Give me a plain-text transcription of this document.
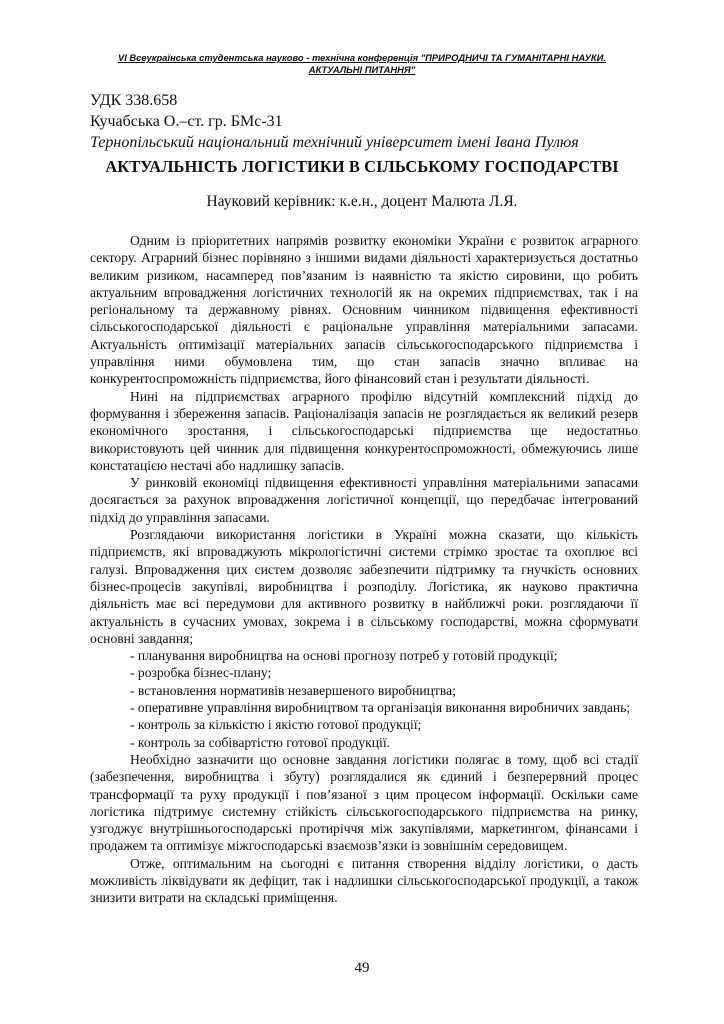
VI Всеукраїнська студентська науково - технічна конференція "ПРИРОДНИЧІ ТА ГУМАНІТАРНІ НАУКИ.
АКТУАЛЬНІ ПИТАННЯ"
УДК 338.658
Кучабська О.–ст. гр. БМс-31
Тернопільський національний технічний університет імені Івана Пулюя
АКТУАЛЬНІСТЬ ЛОГІСТИКИ В СІЛЬСЬКОМУ ГОСПОДАРСТВІ
Науковий керівник: к.е.н., доцент Малюта Л.Я.

Одним із пріоритетних напрямів розвитку економіки України є розвиток аграрного сектору. Аграрний бізнес порівняно з іншими видами діяльності характеризується достатньо великим ризиком, насамперед пов’язаним із наявністю та якістю сировини, що робить актуальним впровадження логістичних технологій як на окремих підприємствах, так і на регіональному та державному рівнях. Основним чинником підвищення ефективності сільськогосподарської діяльності є раціональне управління матеріальними запасами. Актуальність оптимізації матеріальних запасів сільськогосподарського підприємства і управління ними обумовлена тим, що стан запасів значно впливає на конкурентоспроможність підприємства, його фінансовий стан і результати діяльності.

Нині на підприємствах аграрного профілю відсутній комплексний підхід до формування і збереження запасів. Раціоналізація запасів не розглядається як великий резерв економічного зростання, і сільськогосподарські підприємства ще недостатньо використовують цей чинник для підвищення конкурентоспроможності, обмежуючись лише констатацією нестачі або надлишку запасів.

У ринковій економіці підвищення ефективності управління матеріальними запасами досягається за рахунок впровадження логістичної концепції, що передбачає інтегрований підхід до управління запасами.

Розглядаючи використання логістики в Україні можна сказати, що кількість підприємств, які впроваджують мікрологістичні системи стрімко зростає та охоплює всі галузі. Впровадження цих систем дозволяє забезпечити підтримку та гнучкість основних бізнес-процесів закупівлі, виробництва і розподілу. Логістика, як науково практична діяльність має всі передумови для активного розвитку в найближчі роки. розглядаючи її актуальність в сучасних умовах, зокрема і в сільському господарстві, можна сформувати основні завдання;

- планування виробництва на основі прогнозу потреб у готовій продукції;

- розробка бізнес-плану;

- встановлення нормативів незавершеного виробництва;

- оперативне управління виробництвом та організація виконання виробничих завдань;

- контроль за кількістю і якістю готової продукції;

- контроль за собівартістю готової продукції.

Необхідно зазначити що основне завдання логістики полягає в тому, щоб всі стадії (забезпечення, виробництва і збуту) розглядалися як єдиний і безперервний процес трансформації та руху продукції і пов’язаної з цим процесом інформації. Оскільки саме логістика підтримує системну стійкість сільськогосподарського підприємства на ринку, узгоджує внутрішньогосподарські протиріччя між закупівлями, маркетингом, фінансами і продажем та оптимізує міжгосподарські взаємозв’язки із зовнішнім середовищем.

Отже, оптимальним на сьогодні є питання створення відділу логістики, о дасть можливість ліквідувати як дефіцит, так і надлишки сільськогосподарської продукції, а також знизити витрати на складські приміщення.

49
